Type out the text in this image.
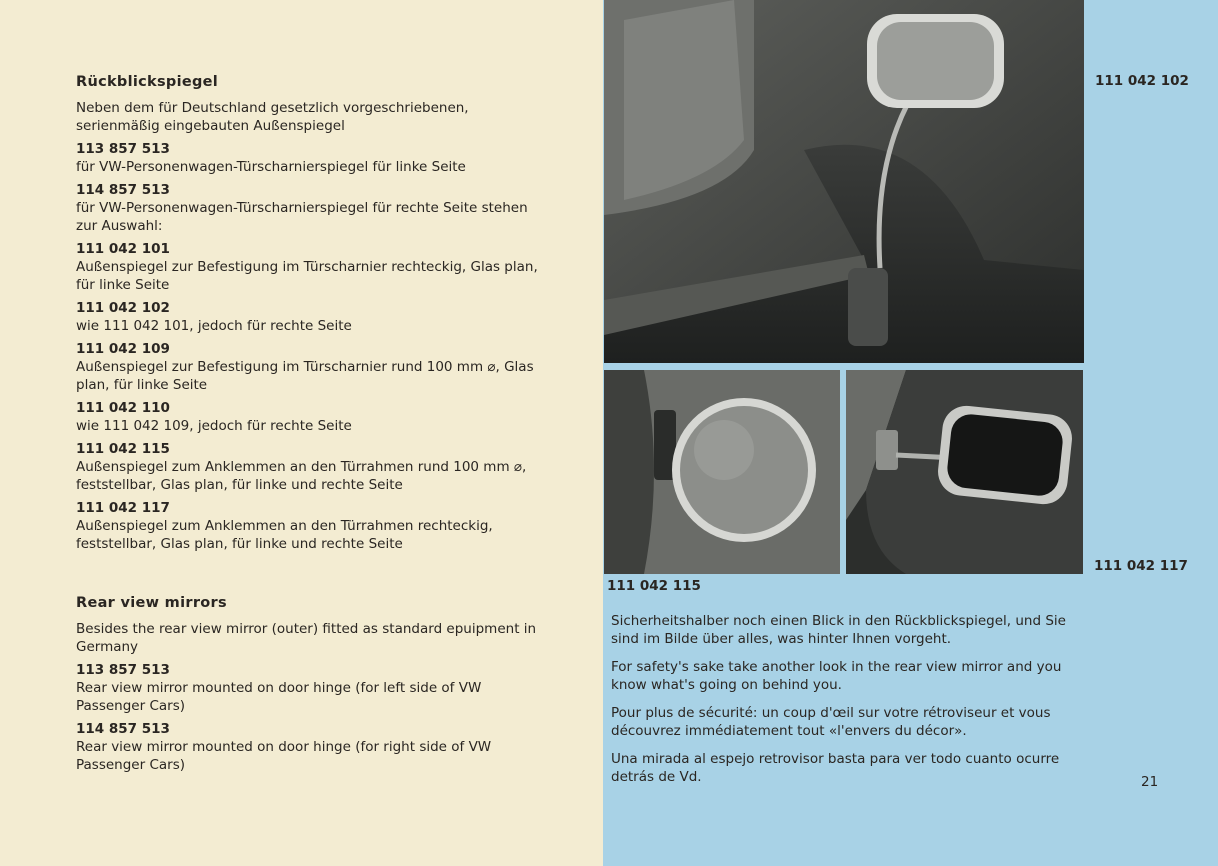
Rückblickspiegel
Neben dem für Deutschland gesetzlich vorgeschriebenen, serienmäßig eingebauten Außenspiegel
113 857 513
für VW-Personenwagen-Türscharnierspiegel für linke Seite
114 857 513
für VW-Personenwagen-Türscharnierspiegel für rechte Seite stehen zur Auswahl:
111 042 101
Außenspiegel zur Befestigung im Türscharnier rechteckig, Glas plan, für linke Seite
111 042 102
wie 111 042 101, jedoch für rechte Seite
111 042 109
Außenspiegel zur Befestigung im Türscharnier rund 100 mm ⌀, Glas plan, für linke Seite
111 042 110
wie 111 042 109, jedoch für rechte Seite
111 042 115
Außenspiegel zum Anklemmen an den Türrahmen rund 100 mm ⌀, feststellbar, Glas plan, für linke und rechte Seite
111 042 117
Außenspiegel zum Anklemmen an den Türrahmen rechteckig, feststellbar, Glas plan, für linke und rechte Seite
Rear view mirrors
Besides the rear view mirror (outer) fitted as standard epuipment in Germany
113 857 513
Rear view mirror mounted on door hinge (for left side of VW Passenger Cars)
114 857 513
Rear view mirror mounted on door hinge (for right side of VW Passenger Cars)
111 042 102
111 042 115
111 042 117
Sicherheitshalber noch einen Blick in den Rückblickspiegel, und Sie sind im Bilde über alles, was hinter Ihnen vorgeht.
For safety's sake take another look in the rear view mirror and you know what's going on behind you.
Pour plus de sécurité: un coup d'œil sur votre rétroviseur et vous découvrez immédiatement tout «l'envers du décor».
Una mirada al espejo retrovisor basta para ver todo cuanto ocurre detrás de Vd.	21
